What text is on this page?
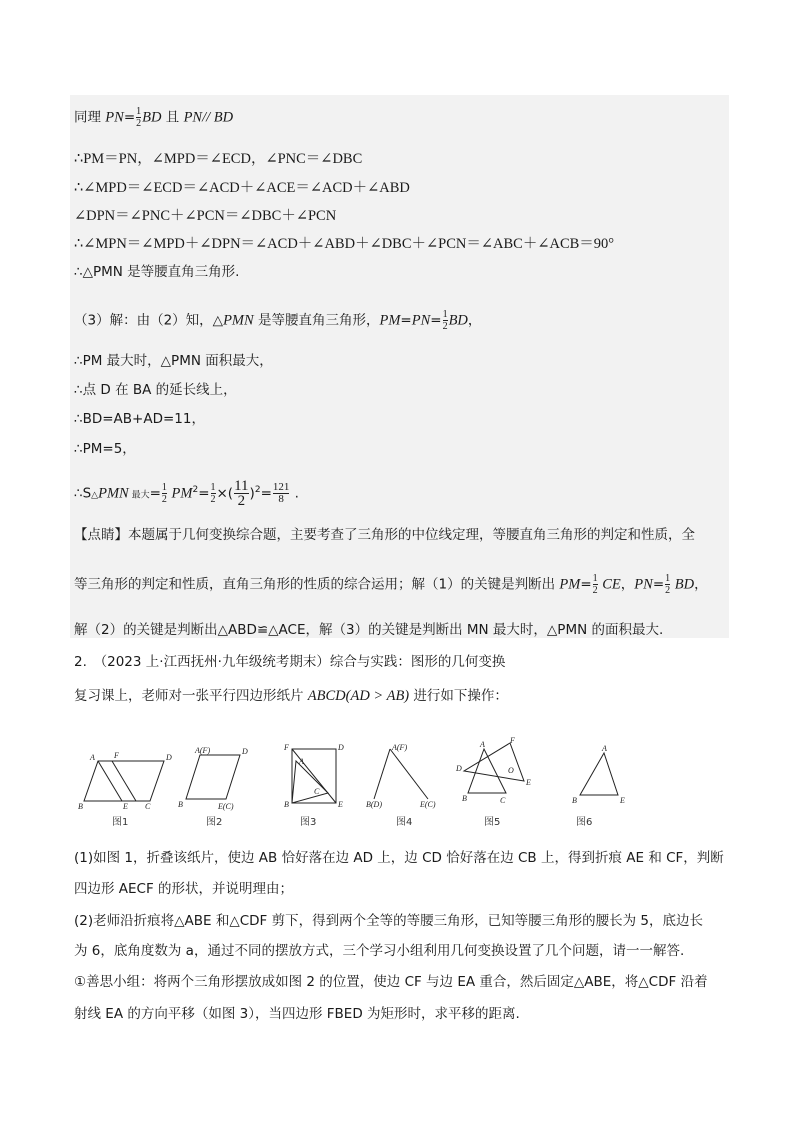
同理 $PN= \frac{1}{2}$ BD 且 PN// BD
∴PM＝PN，∠MPD＝∠ECD，∠PNC＝∠DBC
∴∠MPD＝∠ECD＝∠ACD＋∠ACE＝∠ACD＋∠ABD
∠DPN＝∠PNC＋∠PCN＝∠DBC＋∠PCN
∴∠MPN＝∠MPD＋∠DPN＝∠ACD＋∠ABD＋∠DBC＋∠PCN＝∠ABC＋∠ACB＝90°
∴△PMN 是等腰直角三角形.
（3）解：由（2）知，△PMN 是等腰直角三角形，$PM=PN= \frac{1}{2}$ BD，
∴PM 最大时，△PMN 面积最大，
∴点 D 在 BA 的延长线上，
∴BD=AB+AD=11，
∴PM=5，
∴S△PMN 最大= $\frac{1}{2} PM^2= \frac{1}{2}$ ×( $\frac{11}{2} )^2= \frac{121}{8}$ .
【点睛】本题属于几何变换综合题，主要考查了三角形的中位线定理，等腰直角三角形的判定和性质，全
等三角形的判定和性质，直角三角形的性质的综合运用；解（1）的关键是判断出 $PM= \frac{1}{2}$ CE，$PN= \frac{1}{2}$ BD，
解（2）的关键是判断出△ABD≌△ACE，解（3）的关键是判断出 MN 最大时，△PMN 的面积最大.
2.　（2023 上·江西抚州·九年级统考期末）综合与实践：图形的几何变换
复习课上，老师对一张平行四边形纸片 ABCD(AD > AB) 进行如下操作：
A F	D
B	E C
A(F)	D
B	E(C)
F	D
A
C
B	E
A(F)
B(D)	E(C)
A	F
D	O
B
E
C
A
B	E
图1	图2	图3	图4	图5	图6
(1)如图 1，折叠该纸片，使边 AB 恰好落在边 AD 上，边 CD 恰好落在边 CB 上，得到折痕 AE 和 CF，判断
四边形 AECF 的形状，并说明理由；
(2)老师沿折痕将△ABE 和△CDF 剪下，得到两个全等的等腰三角形，已知等腰三角形的腰长为 5，底边长
为 6，底角度数为 a，通过不同的摆放方式，三个学习小组利用几何变换设置了几个问题，请一一解答.
①善思小组：将两个三角形摆放成如图 2 的位置，使边 CF 与边 EA 重合，然后固定△ABE，将△CDF 沿着
射线 EA 的方向平移（如图 3），当四边形 FBED 为矩形时，求平移的距离.
